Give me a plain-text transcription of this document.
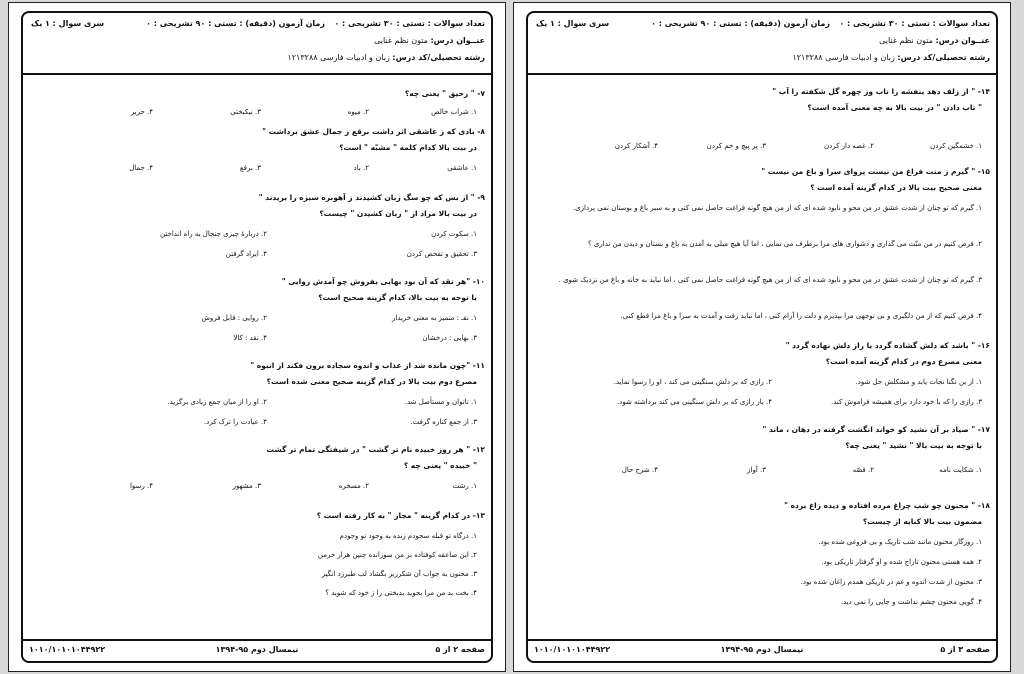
تعداد سوالات : تستی : ۳۰ تشریحی : ۰
زمان آزمون (دقیقه) : تستی : ۹۰ تشریحی : ۰
سری سوال : ۱ یک
عنــوان درس: متون نظم غنایی
رشته تحصیلی/کد درس: زبان و ادبیات فارسی ۱۲۱۳۲۸۸
۷- " رحیق " یعنی چه؟
۱. شراب خالص
۲. میوه
۳. نیکبختی
۴. حریر
۸- بادی که ز عاشقی اثر داشت برقع ز جمال عشق برداشت "
در بیت بالا کدام کلمه " مشبّه " است؟
۱. عاشقی
۲. باد
۳. برقع
۴. جمال
۹- " از بس که چو سگ زبان کشیدند ز آهوبره سبزه را بریدند "
در بیت بالا مراد از " زبان کشیدن " چیست؟
۱. سکوت کردن
۲. دربارهٔ چیزی جنجال به راه انداختن
۳. تحقیق و تفحص کردن
۴. ایراد گرفتن
۱۰- "هر نقد که آن بود بهایی بفروش چو آمدش روایی "
با توجه به بیت بالا، کدام گزینه صحیح است؟
۱. نقـ : متمیز به معنی خریدار
۲. روایی : قابل فروش
۳. بهایی : درخشان
۴. نقد : کالا
۱۱- "چون مانده شد از عذاب و اندوه سجاده برون فکند از انبوه "
مصرع دوم بیت بالا در کدام گزینه صحیح معنی شده است؟
۱. ناتوان و مستأصل شد.
۲. او را از میان جمع زیادی برگزید.
۳. از جمع کناره گرفت.
۴. عبادت را ترک کرد.
۱۲- " هر روز خبیده نام تر گشت " در شیفتگی تمام تر گشت
" خبیده " یعنی چه ؟
۱. رشت
۲. مسخره
۳. مشهور
۴. رسوا
۱۳- در کدام گزینه " مجاز " به کار رفته است ؟
۱. درگاه تو قبله سجودم زنده به وجود تو وجودم
۲. این صاعقه کوفتاده بر من سوزانده چنین هزار خرمن
۳. محنون به جواب آن شکرریز بگشاد لب طبرزد انگیز
۴. بخت بد من مرا بجوید بدبختی را ز خود که شوید ؟
۱۰۱۰/۱۰۱۰۱۰۴۴۹۲۲	نیمسال دوم ۹۵-۱۳۹۴	صفحه ۲ از ۵
تعداد سوالات : تستی : ۳۰ تشریحی : ۰
زمان آزمون (دقیقه) : تستی : ۹۰ تشریحی : ۰
سری سوال : ۱ یک
عنــوان درس: متون نظم غنایی
رشته تحصیلی/کد درس: زبان و ادبیات فارسی ۱۲۱۳۲۸۸
۱۴- " از زلف دهد بنفشه را تاب وز چهره گل شکفته را آب "
" تاب دادن " در بیت بالا به چه معنی آمده است؟
۱. خشمگین کردن
۲. غصه دار کردن
۳. پر پیچ و خم کردن
۴. آشکار کردن
۱۵- " گیرم ز منت فراغ من نیست پروای سرا و باغ من نیست "
معنی صحیح بیت بالا در کدام گزینه آمده است ؟
۱. گیرم که تو چنان از شدت عشق در من محو و نابود شده ای که از من هیچ گونه فراغت حاصل نمی کنی و به سیر باغ و بوستان نمی پردازی.
۲. فرض کنیم در من منّت می گذاری و دشواری های مرا برطرف می نمایی ، اما آیا هیچ میلی به آمدن به باغ و بستان و دیدن من نداری ؟
۳. گیرم که تو چنان از شدت عشق در من محو و نابود شده ای که از من هیچ گونه فراغت حاصل نمی کنی ، اما نباید به خانه و باغ من نزدیک شوی .
۴. فرض کنیم که از من دلگیری و بی توجهی مرا بپذیرم و دلت را آرام کنی ، اما نباید رفت و آمدت به سرا و باغ مرا قطع کنی.
۱۶- " باشد که دلش گشاده گردد یا راز دلش نهاده گردد "
معنی مصرع دوم در کدام گزینه آمده است؟
۱. از بن نگنا نجات یابد و مشکلش حل شود.
۲. رازی که بر دلش سنگینی می کند ، او را رسوا نماید.
۳. رازی را که با خود دارد برای همیشه فراموش کند.
۴. بار رازی که بر دلش سنگینی می کند برداشته شود.
۱۷- " صیاد بر آن نشید کو خواند انگشت گرفته در دهان ، ماند "
با توجه به بیت بالا " نشید " یعنی چه؟
۱. شکایت نامه
۲. قصّه
۳. آواز
۴. شرح حال
۱۸- " محنون چو شب چراغ مرده افتاده و دیده زاغ برده "
مضمون بیت بالا کنایه از چیست؟
۱. روزگار محنون مانند شب تاریک و بی فروغی شده بود.
۲. همه هستی محنون تاراج شده و او گرفتار تاریکی بود.
۳. محنون از شدت اندوه و غم در تاریکی همدم زاغان شده بود.
۴. گویی محنون چشم نداشت و جایی را نمی دید.
۱۰۱۰/۱۰۱۰۱۰۴۴۹۲۲	نیمسال دوم ۹۵-۱۳۹۴	صفحه ۳ از ۵
